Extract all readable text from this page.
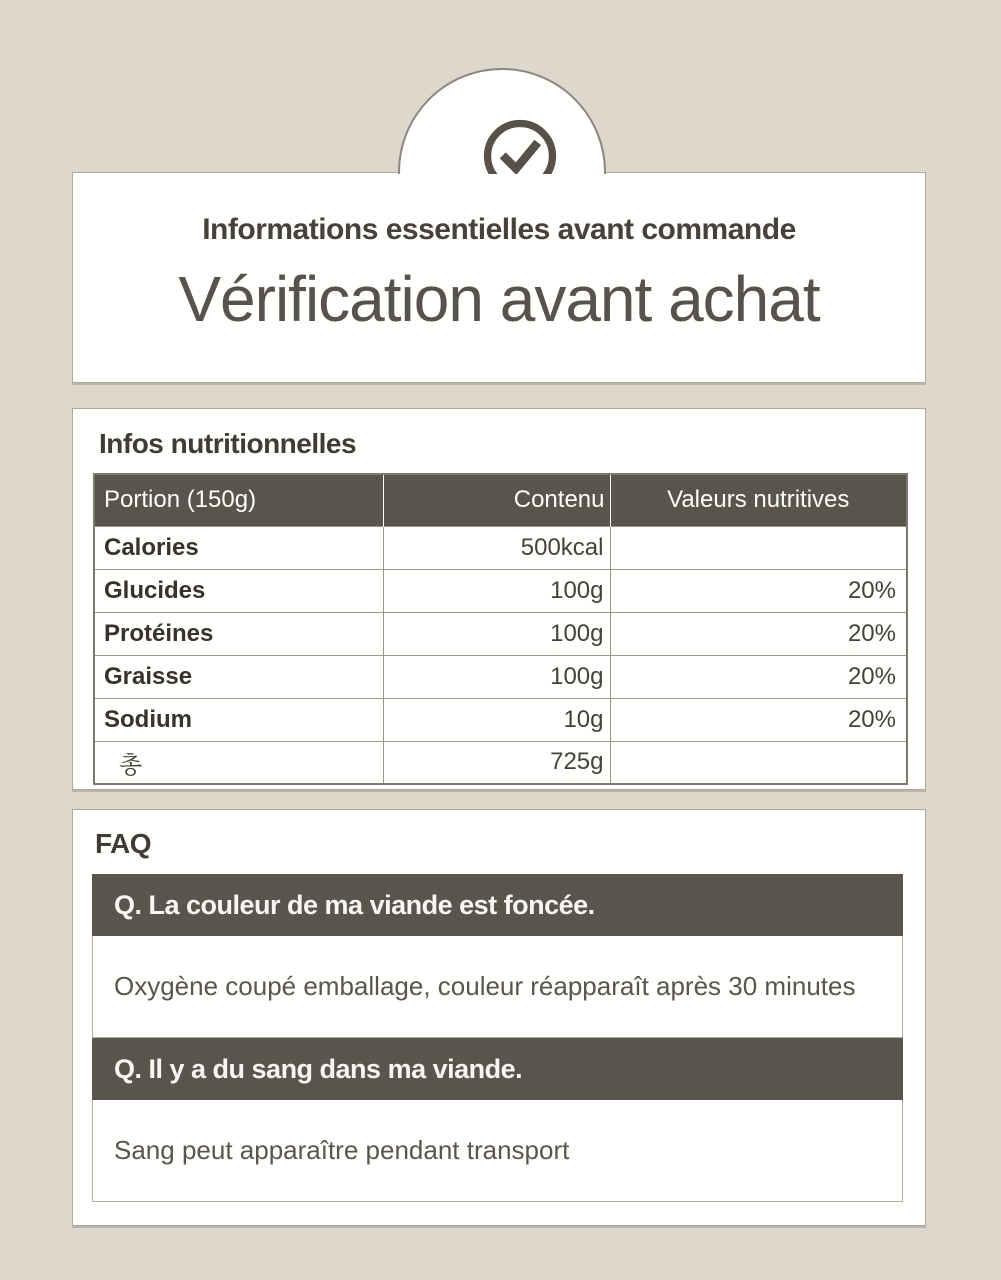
Informations essentielles avant commande
Vérification avant achat
Infos nutritionnelles
Portion (150g)	Contenu	Valeurs nutritives
Calories	500kcal	
Glucides	100g	20%
Protéines	100g	20%
Graisse	100g	20%
Sodium	10g	20%
총	725g	
FAQ
Q. La couleur de ma viande est foncée.
Oxygène coupé emballage, couleur réapparaît après 30 minutes
Q. Il y a du sang dans ma viande.
Sang peut apparaître pendant transport
